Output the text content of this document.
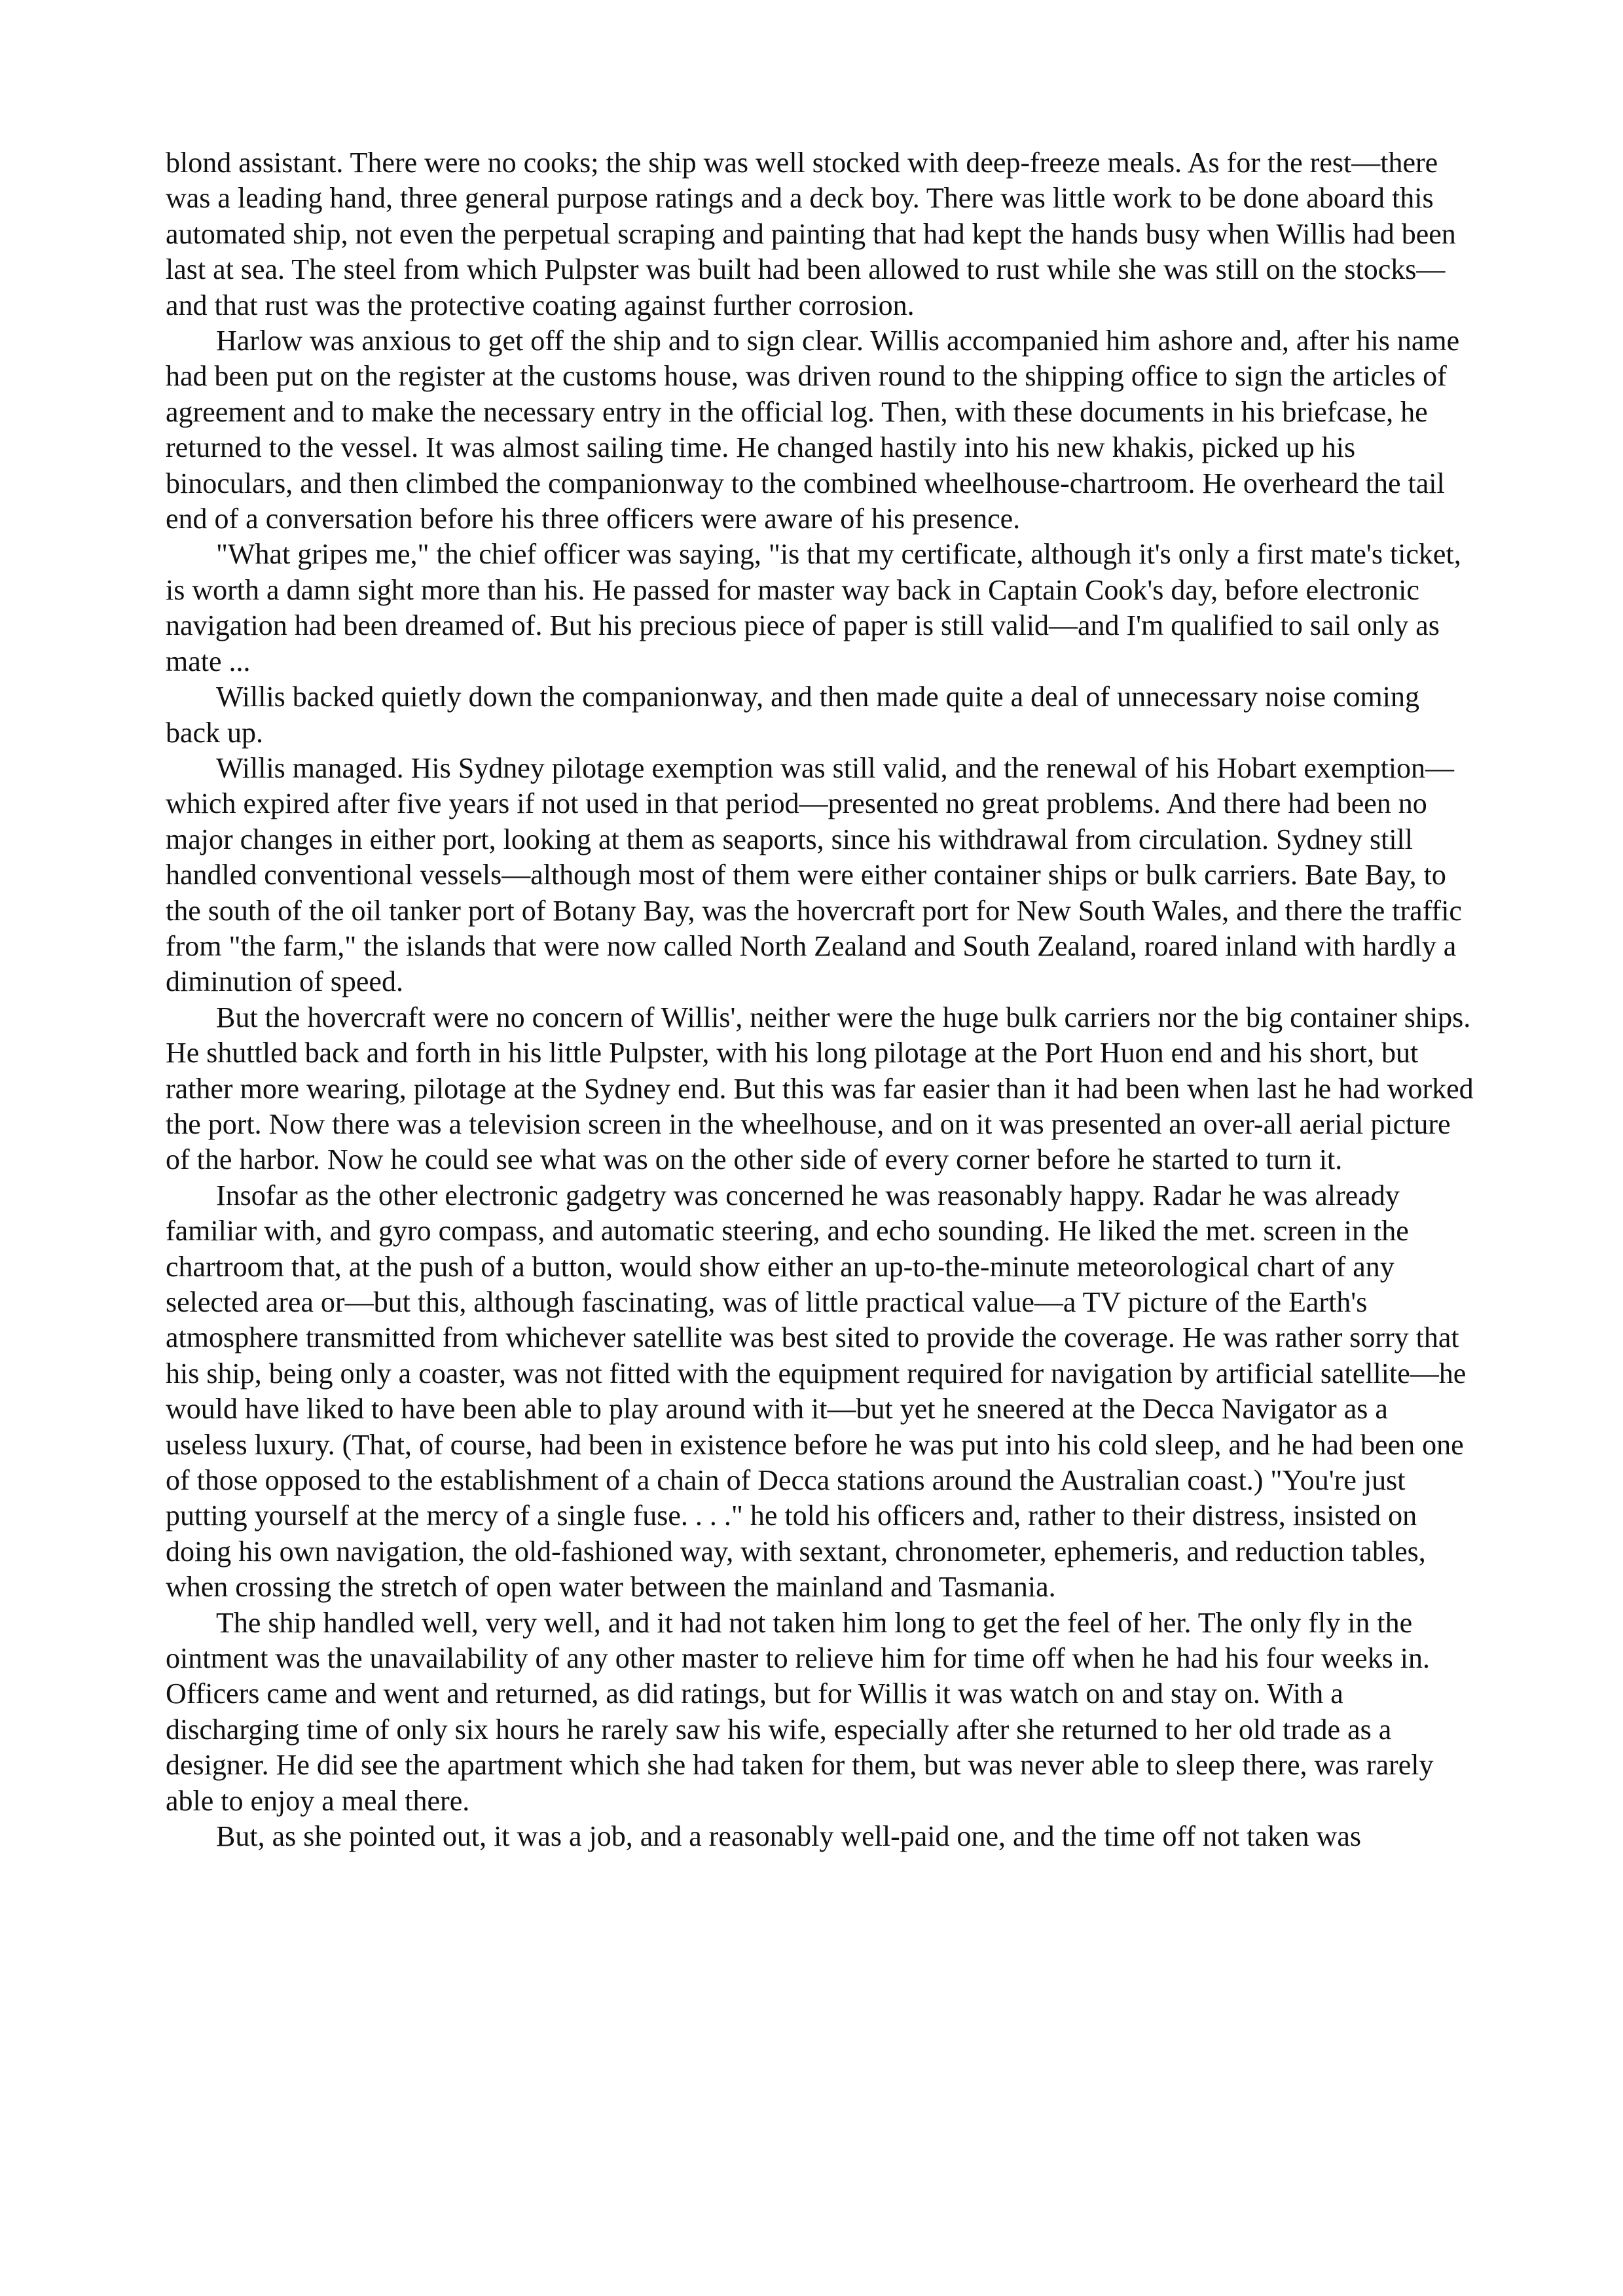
blond assistant. There were no cooks; the ship was well stocked with deep-freeze meals. As for the rest—there was a leading hand, three general purpose ratings and a deck boy. There was little work to be done aboard this automated ship, not even the perpetual scraping and painting that had kept the hands busy when Willis had been last at sea. The steel from which Pulpster was built had been allowed to rust while she was still on the stocks—and that rust was the protective coating against further corrosion.

Harlow was anxious to get off the ship and to sign clear. Willis accompanied him ashore and, after his name had been put on the register at the customs house, was driven round to the shipping office to sign the articles of agreement and to make the necessary entry in the official log. Then, with these documents in his briefcase, he returned to the vessel. It was almost sailing time. He changed hastily into his new khakis, picked up his binoculars, and then climbed the companionway to the combined wheelhouse-chartroom. He overheard the tail end of a conversation before his three officers were aware of his presence.

"What gripes me," the chief officer was saying, "is that my certificate, although it's only a first mate's ticket, is worth a damn sight more than his. He passed for master way back in Captain Cook's day, before electronic navigation had been dreamed of. But his precious piece of paper is still valid—and I'm qualified to sail only as mate ...

Willis backed quietly down the companionway, and then made quite a deal of unnecessary noise coming back up.

Willis managed. His Sydney pilotage exemption was still valid, and the renewal of his Hobart exemption—which expired after five years if not used in that period—presented no great problems. And there had been no major changes in either port, looking at them as seaports, since his withdrawal from circulation. Sydney still handled conventional vessels—although most of them were either container ships or bulk carriers. Bate Bay, to the south of the oil tanker port of Botany Bay, was the hovercraft port for New South Wales, and there the traffic from "the farm," the islands that were now called North Zealand and South Zealand, roared inland with hardly a diminution of speed.

But the hovercraft were no concern of Willis', neither were the huge bulk carriers nor the big container ships. He shuttled back and forth in his little Pulpster, with his long pilotage at the Port Huon end and his short, but rather more wearing, pilotage at the Sydney end. But this was far easier than it had been when last he had worked the port. Now there was a television screen in the wheelhouse, and on it was presented an over-all aerial picture of the harbor. Now he could see what was on the other side of every corner before he started to turn it.

Insofar as the other electronic gadgetry was concerned he was reasonably happy. Radar he was already familiar with, and gyro compass, and automatic steering, and echo sounding. He liked the met. screen in the chartroom that, at the push of a button, would show either an up-to-the-minute meteorological chart of any selected area or—but this, although fascinating, was of little practical value—a TV picture of the Earth's atmosphere transmitted from whichever satellite was best sited to provide the coverage. He was rather sorry that his ship, being only a coaster, was not fitted with the equipment required for navigation by artificial satellite—he would have liked to have been able to play around with it—but yet he sneered at the Decca Navigator as a useless luxury. (That, of course, had been in existence before he was put into his cold sleep, and he had been one of those opposed to the establishment of a chain of Decca stations around the Australian coast.) "You're just putting yourself at the mercy of a single fuse. . . ." he told his officers and, rather to their distress, insisted on doing his own navigation, the old-fashioned way, with sextant, chronometer, ephemeris, and reduction tables, when crossing the stretch of open water between the mainland and Tasmania.

The ship handled well, very well, and it had not taken him long to get the feel of her. The only fly in the ointment was the unavailability of any other master to relieve him for time off when he had his four weeks in. Officers came and went and returned, as did ratings, but for Willis it was watch on and stay on. With a discharging time of only six hours he rarely saw his wife, especially after she returned to her old trade as a designer. He did see the apartment which she had taken for them, but was never able to sleep there, was rarely able to enjoy a meal there.

But, as she pointed out, it was a job, and a reasonably well-paid one, and the time off not taken was
